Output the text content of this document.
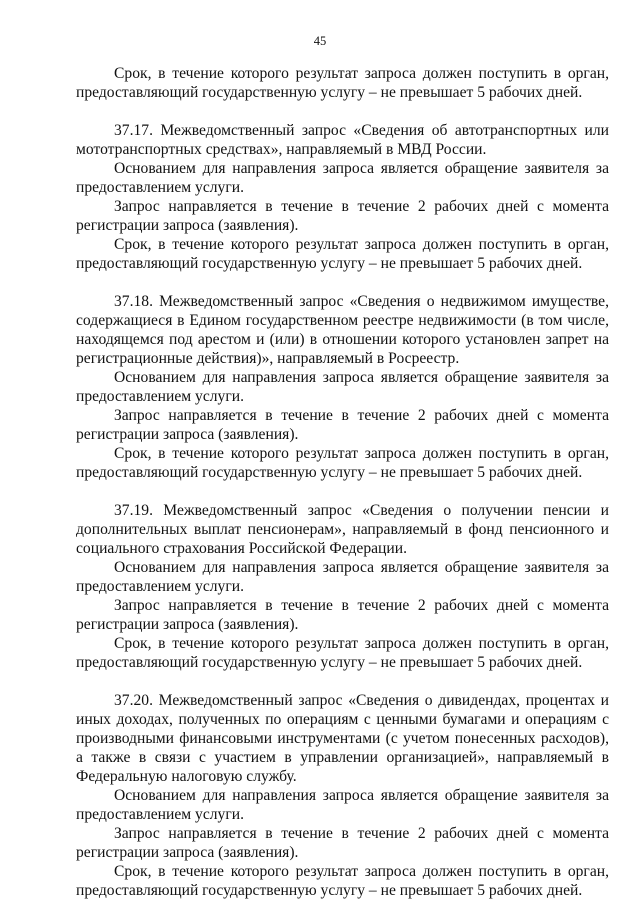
45

Срок, в течение которого результат запроса должен поступить в орган, предоставляющий государственную услугу – не превышает 5 рабочих дней.

37.17. Межведомственный запрос «Сведения об автотранспортных или мототранспортных средствах», направляемый в МВД России.

Основанием для направления запроса является обращение заявителя за предоставлением услуги.

Запрос направляется в течение в течение 2 рабочих дней с момента регистрации запроса (заявления).

Срок, в течение которого результат запроса должен поступить в орган, предоставляющий государственную услугу – не превышает 5 рабочих дней.

37.18. Межведомственный запрос «Сведения о недвижимом имуществе, содержащиеся в Едином государственном реестре недвижимости (в том числе, находящемся под арестом и (или) в отношении которого установлен запрет на регистрационные действия)», направляемый в Росреестр.

Основанием для направления запроса является обращение заявителя за предоставлением услуги.

Запрос направляется в течение в течение 2 рабочих дней с момента регистрации запроса (заявления).

Срок, в течение которого результат запроса должен поступить в орган, предоставляющий государственную услугу – не превышает 5 рабочих дней.

37.19. Межведомственный запрос «Сведения о получении пенсии и дополнительных выплат пенсионерам», направляемый в фонд пенсионного и социального страхования Российской Федерации.

Основанием для направления запроса является обращение заявителя за предоставлением услуги.

Запрос направляется в течение в течение 2 рабочих дней с момента регистрации запроса (заявления).

Срок, в течение которого результат запроса должен поступить в орган, предоставляющий государственную услугу – не превышает 5 рабочих дней.

37.20. Межведомственный запрос «Сведения о дивидендах, процентах и иных доходах, полученных по операциям с ценными бумагами и операциям с производными финансовыми инструментами (с учетом понесенных расходов), а также в связи с участием в управлении организацией», направляемый в Федеральную налоговую службу.

Основанием для направления запроса является обращение заявителя за предоставлением услуги.

Запрос направляется в течение в течение 2 рабочих дней с момента регистрации запроса (заявления).

Срок, в течение которого результат запроса должен поступить в орган, предоставляющий государственную услугу – не превышает 5 рабочих дней.
